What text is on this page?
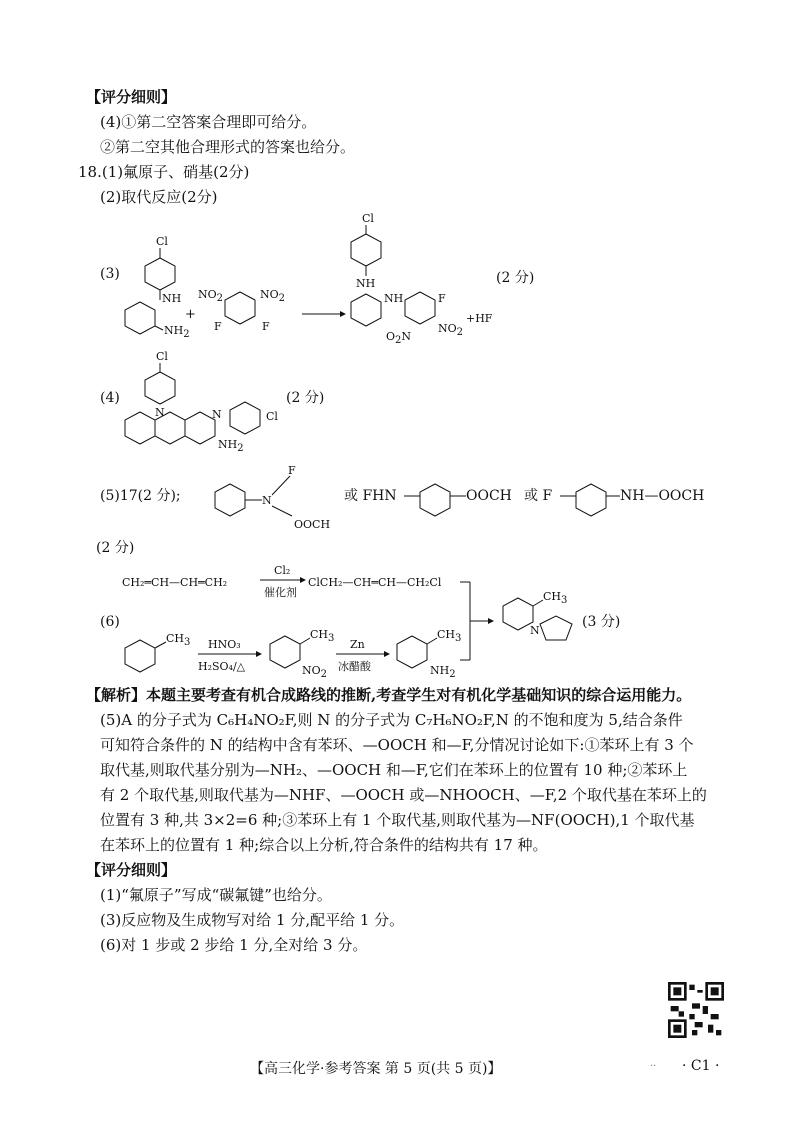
【评分细则】
(4)①第二空答案合理即可给分。
②第二空其他合理形式的答案也给分。
18.(1)氟原子、硝基(2分)
(2)取代反应(2分)
(3)
Cl
NH
NH2
+
NO2	NO2
F	F
Cl
NH
NH	F
NO2
O2N
+HF
(2 分)
(4)
Cl
N	N	Cl
NH2
(2 分)
(5)17(2 分);	N
F
OOCH
或 FHN	OOCH 或 F	NH—OOCH
(2 分)
CH₂═CH—CH═CH₂
Cl₂
催化剂
ClCH₂—CH═CH—CH₂Cl
(6)
CH3 HNO₃
H₂SO₄/△
CH3
NO2
Zn
冰醋酸
CH3
NH2
CH3
N
(3 分)
【解析】本题主要考查有机合成路线的推断,考查学生对有机化学基础知识的综合运用能力。
(5)A 的分子式为 C₆H₄NO₂F,则 N 的分子式为 C₇H₆NO₂F,N 的不饱和度为 5,结合条件
可知符合条件的 N 的结构中含有苯环、—OOCH 和—F,分情况讨论如下:①苯环上有 3 个
取代基,则取代基分别为—NH₂、—OOCH 和—F,它们在苯环上的位置有 10 种;②苯环上
有 2 个取代基,则取代基为—NHF、—OOCH 或—NHOOCH、—F,2 个取代基在苯环上的
位置有 3 种,共 3×2=6 种;③苯环上有 1 个取代基,则取代基为—NF(OOCH),1 个取代基
在苯环上的位置有 1 种;综合以上分析,符合条件的结构共有 17 种。
【评分细则】
(1)“氟原子”写成“碳氟键”也给分。
(3)反应物及生成物写对给 1 分,配平给 1 分。
(6)对 1 步或 2 步给 1 分,全对给 3 分。
【高三化学·参考答案 第 5 页(共 5 页)】	.. · C1 ·
